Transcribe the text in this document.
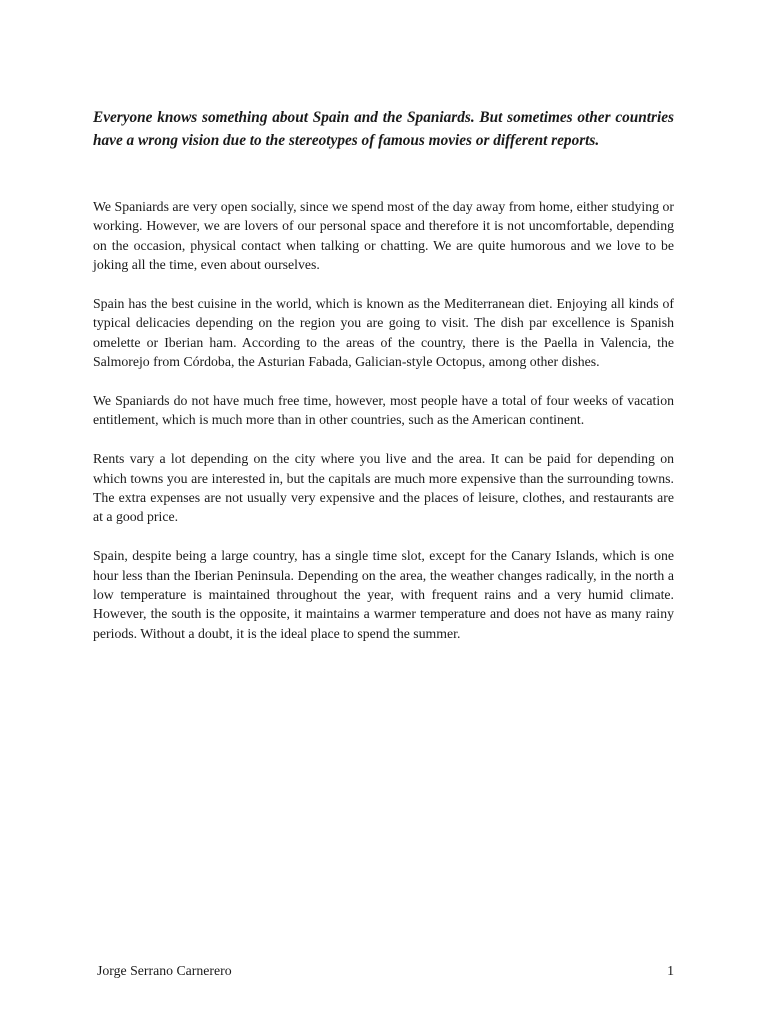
Everyone knows something about Spain and the Spaniards. But sometimes other countries have a wrong vision due to the stereotypes of famous movies or different reports.

We Spaniards are very open socially, since we spend most of the day away from home, either studying or working. However, we are lovers of our personal space and therefore it is not uncomfortable, depending on the occasion, physical contact when talking or chatting. We are quite humorous and we love to be joking all the time, even about ourselves.

Spain has the best cuisine in the world, which is known as the Mediterranean diet. Enjoying all kinds of typical delicacies depending on the region you are going to visit. The dish par excellence is Spanish omelette or Iberian ham. According to the areas of the country, there is the Paella in Valencia, the Salmorejo from Córdoba, the Asturian Fabada, Galician-style Octopus, among other dishes.

We Spaniards do not have much free time, however, most people have a total of four weeks of vacation entitlement, which is much more than in other countries, such as the American continent.

Rents vary a lot depending on the city where you live and the area. It can be paid for depending on which towns you are interested in, but the capitals are much more expensive than the surrounding towns. The extra expenses are not usually very expensive and the places of leisure, clothes, and restaurants are at a good price.

Spain, despite being a large country, has a single time slot, except for the Canary Islands, which is one hour less than the Iberian Peninsula. Depending on the area, the weather changes radically, in the north a low temperature is maintained throughout the year, with frequent rains and a very humid climate. However, the south is the opposite, it maintains a warmer temperature and does not have as many rainy periods. Without a doubt, it is the ideal place to spend the summer.

Jorge Serrano Carnerero	1
